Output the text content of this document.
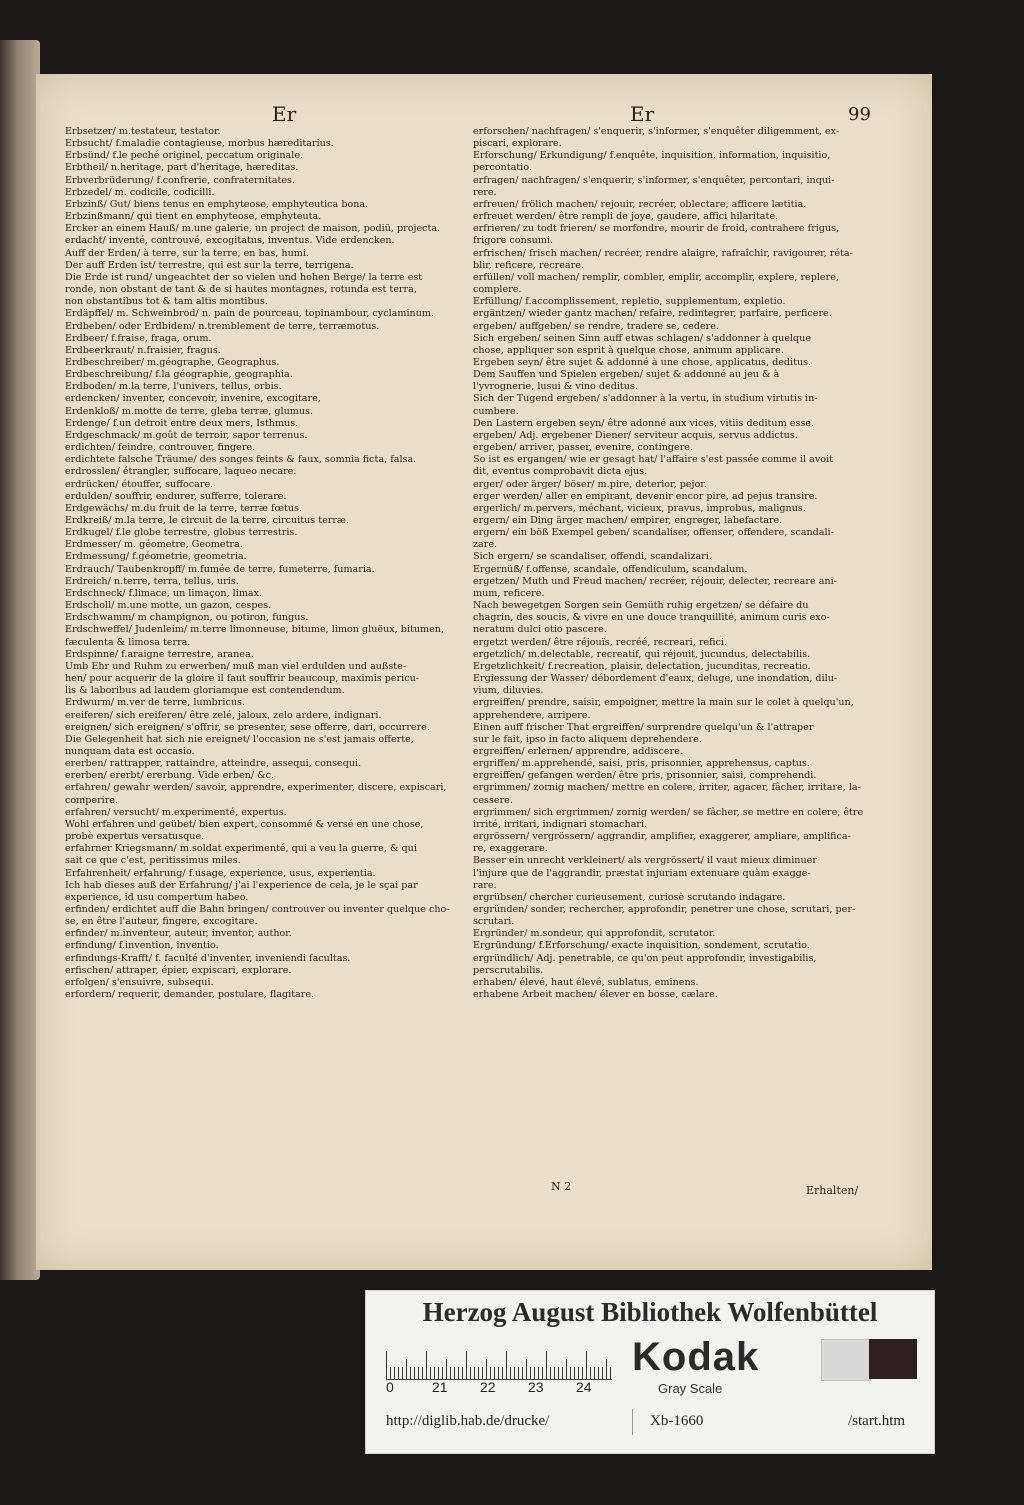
Er	Er	99
Erbsetzer/ m.testateur, testator.
Erbsucht/ f.maladie contagieuse, morbus hæreditarius.
Erbsünd/ f.le peché originel, peccatum originale.
Erbtheil/ n.heritage, part d'heritage, hæreditas.
Erbverbrüderung/ f.confrerie, confraternitates.
Erbzedel/ m. codicile, codicilli.
Erbzinß/ Gut/ biens tenus en emphyteose, emphyteutica bona.
Erbzinßmann/ qui tient en emphyteose, emphyteuta.
Ercker an einem Hauß/ m.une galerie, un project de maison, podiū, projecta.
erdacht/ inventé, controuvé, excogitatus, inventus. Vide erdencken.
Auff der Erden/ à terre, sur la terre, en bas, humi.
Der auff Erden ist/ terrestre, qui est sur la terre, terrigena.
Die Erde ist rund/ ungeachtet der so vielen und hohen Berge/ la terre est
ronde, non obstant de tant & de si hautes montagnes, rotunda est terra,
non obstantibus tot & tam altis montibus.
Erdäpffel/ m. Schweinbrod/ n. pain de pourceau, topinambour, cyclaminum.
Erdbeben/ oder Erdbidem/ n.tremblement de terre, terræmotus.
Erdbeer/ f.fraise, fraga, orum.
Erdbeerkraut/ n.fraisier, fragus.
Erdbeschreiber/ m.géographe, Geographus.
Erdbeschreibung/ f.la géographie, geographia.
Erdboden/ m.la terre, l'univers, tellus, orbis.
erdencken/ inventer, concevoir, invenire, excogitare,
Erdenkloß/ m.motte de terre, gleba terræ, glumus.
Erdenge/ f.un detroit entre deux mers, Isthmus.
Erdgeschmack/ m.goût de terroir, sapor terrenus.
erdichten/ feindre, controuver, fingere.
erdichtete falsche Träume/ des songes feints & faux, somnia ficta, falsa.
erdrosslen/ étrangler, suffocare, laqueo necare.
erdrücken/ étouffer, suffocare.
erdulden/ souffrir, endurer, sufferre, tolerare.
Erdgewächs/ m.du fruit de la terre, terræ fœtus.
Erdkreiß/ m.la terre, le circuit de la terre, circuitus terræ.
Erdkugel/ f.le globe terrestre, globus terrestris.
Erdmesser/ m. géometre, Geometra.
Erdmessung/ f.géometrie, geometria.
Erdrauch/ Taubenkropff/ m.fumée de terre, fumeterre, fumaria.
Erdreich/ n.terre, terra, tellus, uris.
Erdschneck/ f.limace, un limaçon, limax.
Erdscholl/ m.une motte, un gazon, cespes.
Erdschwamm/ m champignon, ou potiron, fungus.
Erdschweffel/ Judenleim/ m.terre limonneuse, bitume, limon gluëux, bitumen,
fæculenta & limosa terra.
Erdspinne/ f.araigne terrestre, aranea.
Umb Ehr und Ruhm zu erwerben/ muß man viel erdulden und außste-
hen/ pour acquerir de la gloire il faut souffrir beaucoup, maximis pericu-
lis & laboribus ad laudem gloriamque est contendendum.
Erdwurm/ m.ver de terre, lumbricus.
ereiferen/ sich ereiferen/ être zelé, jaloux, zelo ardere, indignari.
ereignen/ sich ereignen/ s'offrir, se presenter, sese offerre, dari, occurrere.
Die Gelegenheit hat sich nie ereignet/ l'occasion ne s'est jamais offerte,
nunquam data est occasio.
ererben/ rattrapper, rattaindre, atteindre, assequi, consequi.
ererben/ ererbt/ ererbung. Vide erben/ &c.
erfahren/ gewahr werden/ savoir, apprendre, experimenter, discere, expiscari,
comperire.
erfahren/ versucht/ m.experimenté, expertus.
Wohl erfahren und geübet/ bien expert, consommé & versé en une chose,
probè expertus versatusque.
erfahrner Kriegsmann/ m.soldat experimenté, qui a veu la guerre, & qui
sait ce que c'est, peritissimus miles.
Erfahrenheit/ erfahrung/ f.usage, experience, usus, experientia.
Ich hab dieses auß der Erfahrung/ j'ai l'experience de cela, je le sçai par
experience, id usu compertum habeo.
erfinden/ erdichtet auff die Bahn bringen/ controuver ou inventer quelque cho-
se, en être l'auteur, fingere, excogitare.
erfinder/ m.inventeur, auteur, inventor, author.
erfindung/ f.invention, inventio.
erfindungs-Krafft/ f. faculté d'inventer, inveniendi facultas.
erfischen/ attraper, épier, expiscari, explorare.
erfolgen/ s'ensuivre, subsequi.
erfordern/ requerir, demander, postulare, flagitare.
erforschen/ nachfragen/ s'enquerir, s'informer, s'enquêter diligemment, ex-
piscari, explorare.
Erforschung/ Erkundigung/ f.enquête, inquisition, information, inquisitio,
percontatio.
erfragen/ nachfragen/ s'enquerir, s'informer, s'enquêter, percontari, inqui-
rere.
erfreuen/ frölich machen/ rejouir, recréer, oblectare, afficere lætitia.
erfreuet werden/ être rempli de joye, gaudere, affici hilaritate.
erfrieren/ zu todt frieren/ se morfondre, mourir de froid, contrahere frigus,
frigore consumi.
erfrischen/ frisch machen/ recréer, rendre alaigre, rafraîchir, ravigourer, réta-
blir, reficere, recreare.
erfüllen/ voll machen/ remplir, combler, emplir, accomplir, explere, replere,
complere.
Erfüllung/ f.accomplissement, repletio, supplementum, expletio.
ergäntzen/ wieder gantz machen/ refaire, redintegrer, parfaire, perficere.
ergeben/ auffgeben/ se rendre, tradere se, cedere.
Sich ergeben/ seinen Sinn auff etwas schlagen/ s'addonner à quelque
chose, appliquer son esprit à quelque chose, animum applicare.
Ergeben seyn/ être sujet & addonné à une chose, applicatus, deditus.
Dem Sauffen und Spielen ergeben/ sujet & addonné au jeu & à
l'yvrognerie, lusui & vino deditus.
Sich der Tugend ergeben/ s'addonner à la vertu, in studium virtutis in-
cumbere.
Den Lastern ergeben seyn/ être adonné aux vices, vitiis deditum esse.
ergeben/ Adj. ergebener Diener/ serviteur acquis, servus addictus.
ergeben/ arriver, passer, evenire, contingere.
So ist es ergangen/ wie er gesagt hat/ l'affaire s'est passée comme il avoit
dit, eventus comprobavit dicta ejus.
erger/ oder ärger/ böser/ m.pire, deterior, pejor.
erger werden/ aller en empirant, devenir encor pire, ad pejus transire.
ergerlich/ m.pervers, méchant, vicieux, pravus, improbus, malignus.
ergern/ ein Ding ärger machen/ empirer, engreger, labefactare.
ergern/ ein böß Exempel geben/ scandaliser, offenser, offendere, scandali-
zare.
Sich ergern/ se scandaliser, offendi, scandalizari.
Ergernüß/ f.offense, scandale, offendiculum, scandalum.
ergetzen/ Muth und Freud machen/ recréer, réjouir, delecter, recreare ani-
mum, reficere.
Nach bewegetgen Sorgen sein Gemüth ruhig ergetzen/ se défaire du
chagrin, des soucis, & vivre en une douce tranquillité, animum curis exo-
neratum dulci otio pascere.
ergetzt werden/ être réjouïs, recréé, recreari, refici.
ergetzlich/ m.delectable, recreatif, qui réjouit, jucundus, delectabilis.
Ergetzlichkeit/ f.recreation, plaisir, delectation, jucunditas, recreatio.
Ergiessung der Wasser/ débordement d'eaux, deluge, une inondation, dilu-
vium, diluvies.
ergreiffen/ prendre, saisir, empoigner, mettre la main sur le colet à quelqu'un,
apprehendere, arripere.
Einen auff frischer That ergreiffen/ surprendre quelqu'un & l'attraper
sur le fait, ipso in facto aliquem deprehendere.
ergreiffen/ erlernen/ apprendre, addiscere.
ergriffen/ m.apprehendé, saisi, pris, prisonnier, apprehensus, captus.
ergreiffen/ gefangen werden/ être pris, prisonnier, saisi, comprehendi.
ergrimmen/ zornig machen/ mettre en colere, irriter, agacer, fâcher, irritare, la-
cessere.
ergrimmen/ sich ergrimmen/ zornig werden/ se fâcher, se mettre en colere, être
irrité, irritari, indignari stomachari.
ergrössern/ vergrössern/ aggrandir, amplifier, exaggerer, ampliare, amplifica-
re, exaggerare.
Besser ein unrecht verkleinert/ als vergrössert/ il vaut mieux diminuer
l'injure que de l'aggrandir, præstat injuriam extenuare quàm exagge-
rare.
ergrübsen/ chercher curieusement, curiosè scrutando indagare.
ergründen/ sonder, rechercher, approfondir, penetrer une chose, scrutari, per-
scrutari.
Ergründer/ m.sondeur, qui approfondit, scrutator.
Ergründung/ f.Erforschung/ exacte inquisition, sondement, scrutatio.
ergründlich/ Adj. penetrable, ce qu'on peut approfondir, investigabilis,
perscrutabilis.
erhaben/ élevé, haut élevé, sublatus, eminens.
erhabene Arbeit machen/ élever en bosse, cælare.
N 2	Erhalten/
Herzog August Bibliothek Wolfenbüttel
0	21 22 23 24
Kodak
Gray Scale
http://diglib.hab.de/drucke/	Xb-1660	/start.htm
